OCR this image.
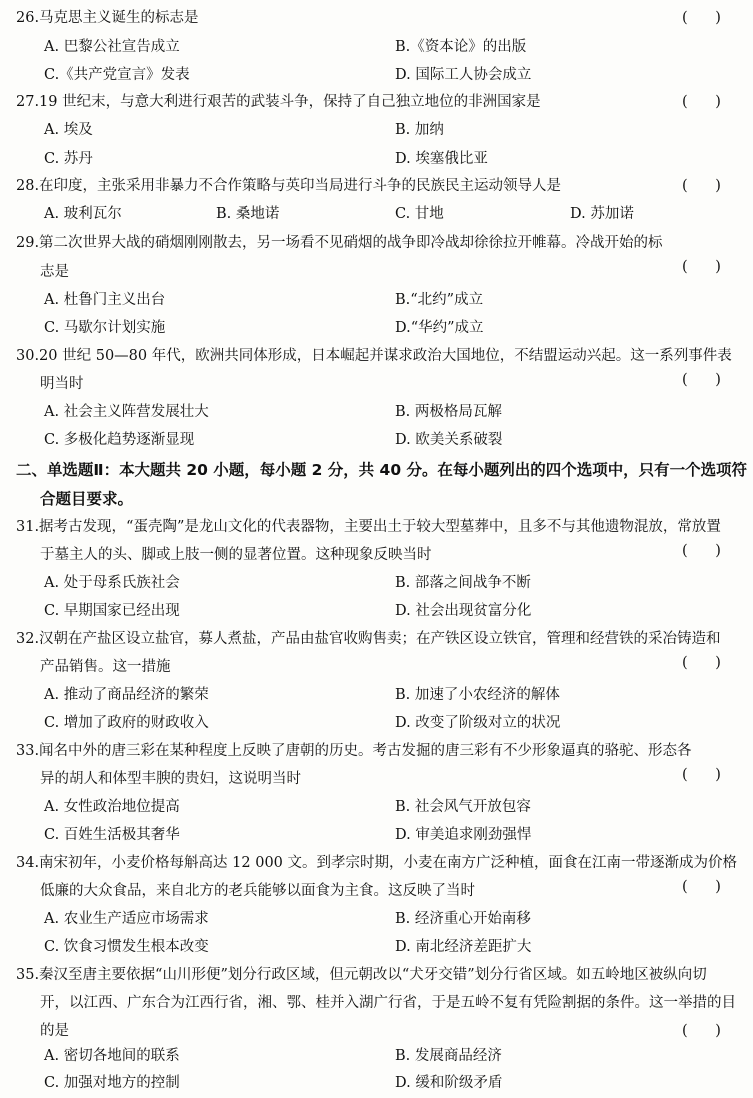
26.马克思主义诞生的标志是	(      )
A. 巴黎公社宣告成立	B.《资本论》的出版
C.《共产党宣言》发表	D. 国际工人协会成立
27.19 世纪末，与意大利进行艰苦的武装斗争，保持了自己独立地位的非洲国家是	(      )
A. 埃及	B. 加纳
C. 苏丹	D. 埃塞俄比亚
28.在印度，主张采用非暴力不合作策略与英印当局进行斗争的民族民主运动领导人是	(      )
A. 玻利瓦尔	B. 桑地诺	C. 甘地	D. 苏加诺
29.第二次世界大战的硝烟刚刚散去，另一场看不见硝烟的战争即冷战却徐徐拉开帷幕。冷战开始的标
志是	(      )
A. 杜鲁门主义出台	B.“北约”成立
C. 马歇尔计划实施	D.“华约”成立
30.20 世纪 50—80 年代，欧洲共同体形成，日本崛起并谋求政治大国地位，不结盟运动兴起。这一系列事件表
明当时	(      )
A. 社会主义阵营发展壮大	B. 两极格局瓦解
C. 多极化趋势逐渐显现	D. 欧美关系破裂
二、单选题Ⅱ：本大题共 20 小题，每小题 2 分，共 40 分。在每小题列出的四个选项中，只有一个选项符
合题目要求。
31.据考古发现，“蛋壳陶”是龙山文化的代表器物，主要出土于较大型墓葬中，且多不与其他遗物混放，常放置
于墓主人的头、脚或上肢一侧的显著位置。这种现象反映当时	(      )
A. 处于母系氏族社会	B. 部落之间战争不断
C. 早期国家已经出现	D. 社会出现贫富分化
32.汉朝在产盐区设立盐官，募人煮盐，产品由盐官收购售卖；在产铁区设立铁官，管理和经营铁的采冶铸造和
产品销售。这一措施	(      )
A. 推动了商品经济的繁荣	B. 加速了小农经济的解体
C. 增加了政府的财政收入	D. 改变了阶级对立的状况
33.闻名中外的唐三彩在某种程度上反映了唐朝的历史。考古发掘的唐三彩有不少形象逼真的骆驼、形态各
异的胡人和体型丰腴的贵妇，这说明当时	(      )
A. 女性政治地位提高	B. 社会风气开放包容
C. 百姓生活极其奢华	D. 审美追求刚劲强悍
34.南宋初年，小麦价格每斛高达 12 000 文。到孝宗时期，小麦在南方广泛种植，面食在江南一带逐渐成为价格
低廉的大众食品，来自北方的老兵能够以面食为主食。这反映了当时	(      )
A. 农业生产适应市场需求	B. 经济重心开始南移
C. 饮食习惯发生根本改变	D. 南北经济差距扩大
35.秦汉至唐主要依据“山川形便”划分行政区域，但元朝改以“犬牙交错”划分行省区域。如五岭地区被纵向切
开，以江西、广东合为江西行省，湘、鄂、桂并入湖广行省，于是五岭不复有凭险割据的条件。这一举措的目
的是	(      )
A. 密切各地间的联系	B. 发展商品经济
C. 加强对地方的控制	D. 缓和阶级矛盾
